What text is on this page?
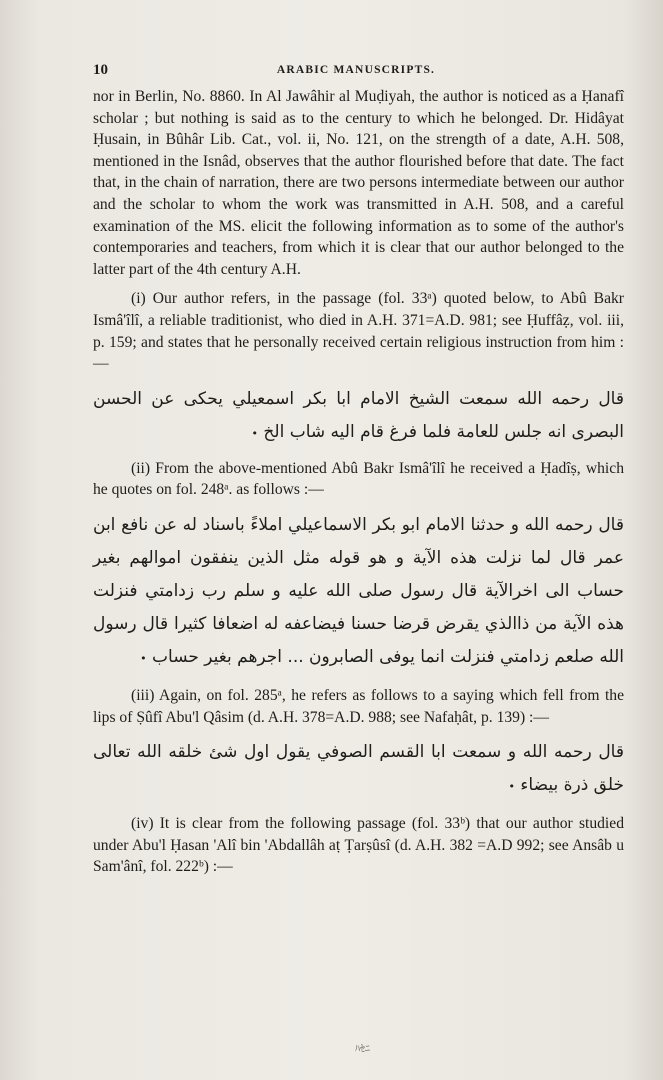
10	ARABIC MANUSCRIPTS.

nor in Berlin, No. 8860. In Al Jawâhir al Muḍiyah, the author is noticed as a Ḥanafî scholar ; but nothing is said as to the century to which he belonged. Dr. Hidâyat Ḥusain, in Bûhâr Lib. Cat., vol. ii, No. 121, on the strength of a date, A.H. 508, mentioned in the Isnâd, observes that the author flourished before that date. The fact that, in the chain of narration, there are two persons intermediate between our author and the scholar to whom the work was transmitted in A.H. 508, and a careful examination of the MS. elicit the following information as to some of the author's contemporaries and teachers, from which it is clear that our author belonged to the latter part of the 4th century A.H.

(i) Our author refers, in the passage (fol. 33ᵃ) quoted below, to Abû Bakr Ismâ'îlî, a reliable traditionist, who died in A.H. 371=A.D. 981; see Ḥuffâẓ, vol. iii, p. 159; and states that he personally received certain religious instruction from him :—

قال رحمه الله سمعت الشيخ الامام ابا بكر اسمعيلي يحكى عن الحسن البصرى انه جلس للعامة فلما فرغ قام اليه شاب الخ •

(ii) From the above-mentioned Abû Bakr Ismâ'îlî he received a Ḥadîṣ, which he quotes on fol. 248ᵃ. as follows :—

قال رحمه الله و حدثنا الامام ابو بكر الاسماعيلي املاءً باسناد له عن نافع ابن عمر قال لما نزلت هذه الآية و هو قوله مثل الذين ينفقون اموالهم بغير حساب الى اخرالآية قال رسول صلى الله عليه و سلم رب زدامتي فنزلت هذه الآية من ذاالذي يقرض قرضا حسنا فيضاعفه له اضعافا كثيرا قال رسول الله صلعم زدامتي فنزلت انما يوفى الصابرون ... اجرهم بغير حساب •

(iii) Again, on fol. 285ᵃ, he refers as follows to a saying which fell from the lips of Ṣûfî Abu'l Qâsim (d. A.H. 378=A.D. 988; see Nafaḥât, p. 139) :—

قال رحمه الله و سمعت ابا القسم الصوفي يقول اول شئ خلقه الله تعالى خلق ذرة بيضاء •

(iv) It is clear from the following passage (fol. 33ᵇ) that our author studied under Abu'l Ḥasan 'Alî bin 'Abdallâh aṭ Ṭarṣûsî (d. A.H. 382 =A.D 992; see Ansâb u Sam'ânî, fol. 222ᵇ) :—

ﾊｾﾆ
